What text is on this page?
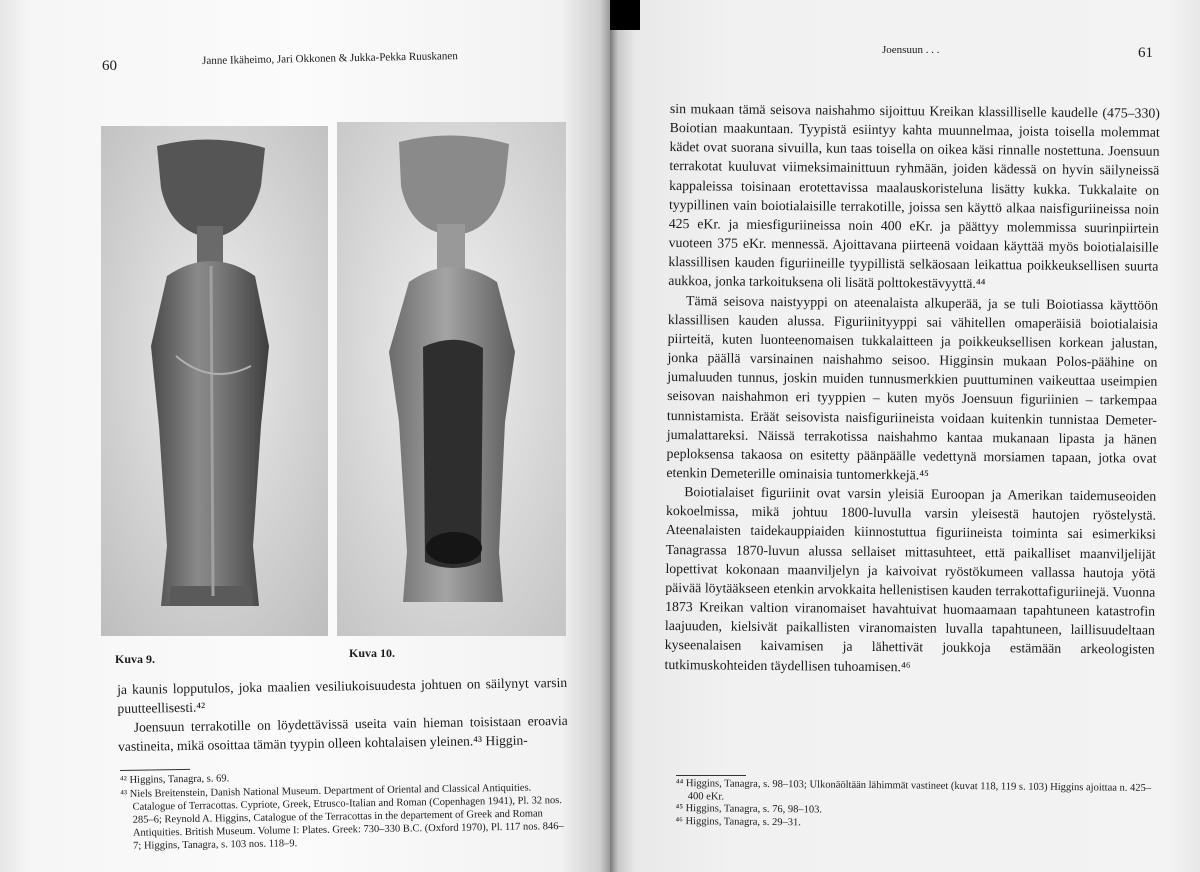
60	Janne Ikäheimo, Jari Okkonen & Jukka-Pekka Ruuskanen
Kuva 9.	Kuva 10.

ja kaunis lopputulos, joka maalien vesiliukoisuudesta johtuen on säilynyt varsin puutteellisesti.⁴²

Joensuun terrakotille on löydettävissä useita vain hieman toisistaan eroavia vastineita, mikä osoittaa tämän tyypin olleen kohtalaisen yleinen.⁴³ Higgin-

⁴² Higgins, Tanagra, s. 69.
⁴³ Niels Breitenstein, Danish National Museum. Department of Oriental and Classical Antiquities. Catalogue of Terracottas. Cypriote, Greek, Etrusco-Italian and Roman (Copenhagen 1941), Pl. 32 nos. 285–6; Reynold A. Higgins, Catalogue of the Terracottas in the departement of Greek and Roman Antiquities. British Museum. Volume I: Plates. Greek: 730–330 B.C. (Oxford 1970), Pl. 117 nos. 846–7; Higgins, Tanagra, s. 103 nos. 118–9.
Joensuun . . .	61

sin mukaan tämä seisova naishahmo sijoittuu Kreikan klassilliselle kaudelle (475–330) Boiotian maakuntaan. Tyypistä esiintyy kahta muunnelmaa, joista toisella molemmat kädet ovat suorana sivuilla, kun taas toisella on oikea käsi rinnalle nostettuna. Joensuun terrakotat kuuluvat viimeksimainittuun ryhmään, joiden kädessä on hyvin säilyneissä kappaleissa toisinaan erotettavissa maalauskoristeluna lisätty kukka. Tukkalaite on tyypillinen vain boiotialaisille terrakotille, joissa sen käyttö alkaa naisfiguriineissa noin 425 eKr. ja miesfiguriineissa noin 400 eKr. ja päättyy molemmissa suurinpiirtein vuoteen 375 eKr. mennessä. Ajoittavana piirteenä voidaan käyttää myös boiotialaisille klassillisen kauden figuriineille tyypillistä selkäosaan leikattua poikkeuksellisen suurta aukkoa, jonka tarkoituksena oli lisätä polttokestävyyttä.⁴⁴

Tämä seisova naistyyppi on ateenalaista alkuperää, ja se tuli Boiotiassa käyttöön klassillisen kauden alussa. Figuriinityyppi sai vähitellen omaperäisiä boiotialaisia piirteitä, kuten luonteenomaisen tukkalaitteen ja poikkeuksellisen korkean jalustan, jonka päällä varsinainen naishahmo seisoo. Higginsin mukaan Polos-päähine on jumaluuden tunnus, joskin muiden tunnusmerkkien puuttuminen vaikeuttaa useimpien seisovan naishahmon eri tyyppien – kuten myös Joensuun figuriinien – tarkempaa tunnistamista. Eräät seisovista naisfiguriineista voidaan kuitenkin tunnistaa Demeter-jumalattareksi. Näissä terrakotissa naishahmo kantaa mukanaan lipasta ja hänen peploksensa takaosa on esitetty päänpäälle vedettynä morsiamen tapaan, jotka ovat etenkin Demeterille ominaisia tuntomerkkejä.⁴⁵

Boiotialaiset figuriinit ovat varsin yleisiä Euroopan ja Amerikan taidemuseoiden kokoelmissa, mikä johtuu 1800-luvulla varsin yleisestä hautojen ryöstelystä. Ateenalaisten taidekauppiaiden kiinnostuttua figuriineista toiminta sai esimerkiksi Tanagrassa 1870-luvun alussa sellaiset mittasuhteet, että paikalliset maanviljelijät lopettivat kokonaan maanviljelyn ja kaivoivat ryöstökumeen vallassa hautoja yötä päivää löytääkseen etenkin arvokkaita hellenistisen kauden terrakottafiguriinejä. Vuonna 1873 Kreikan valtion viranomaiset havahtuivat huomaamaan tapahtuneen katastrofin laajuuden, kielsivät paikallisten viranomaisten luvalla tapahtuneen, laillisuudeltaan kyseenalaisen kaivamisen ja lähettivät joukkoja estämään arkeologisten tutkimuskohteiden täydellisen tuhoamisen.⁴⁶

⁴⁴ Higgins, Tanagra, s. 98–103; Ulkonäöltään lähimmät vastineet (kuvat 118, 119 s. 103) Higgins ajoittaa n. 425–400 eKr.
⁴⁵ Higgins, Tanagra, s. 76, 98–103.
⁴⁶ Higgins, Tanagra, s. 29–31.
